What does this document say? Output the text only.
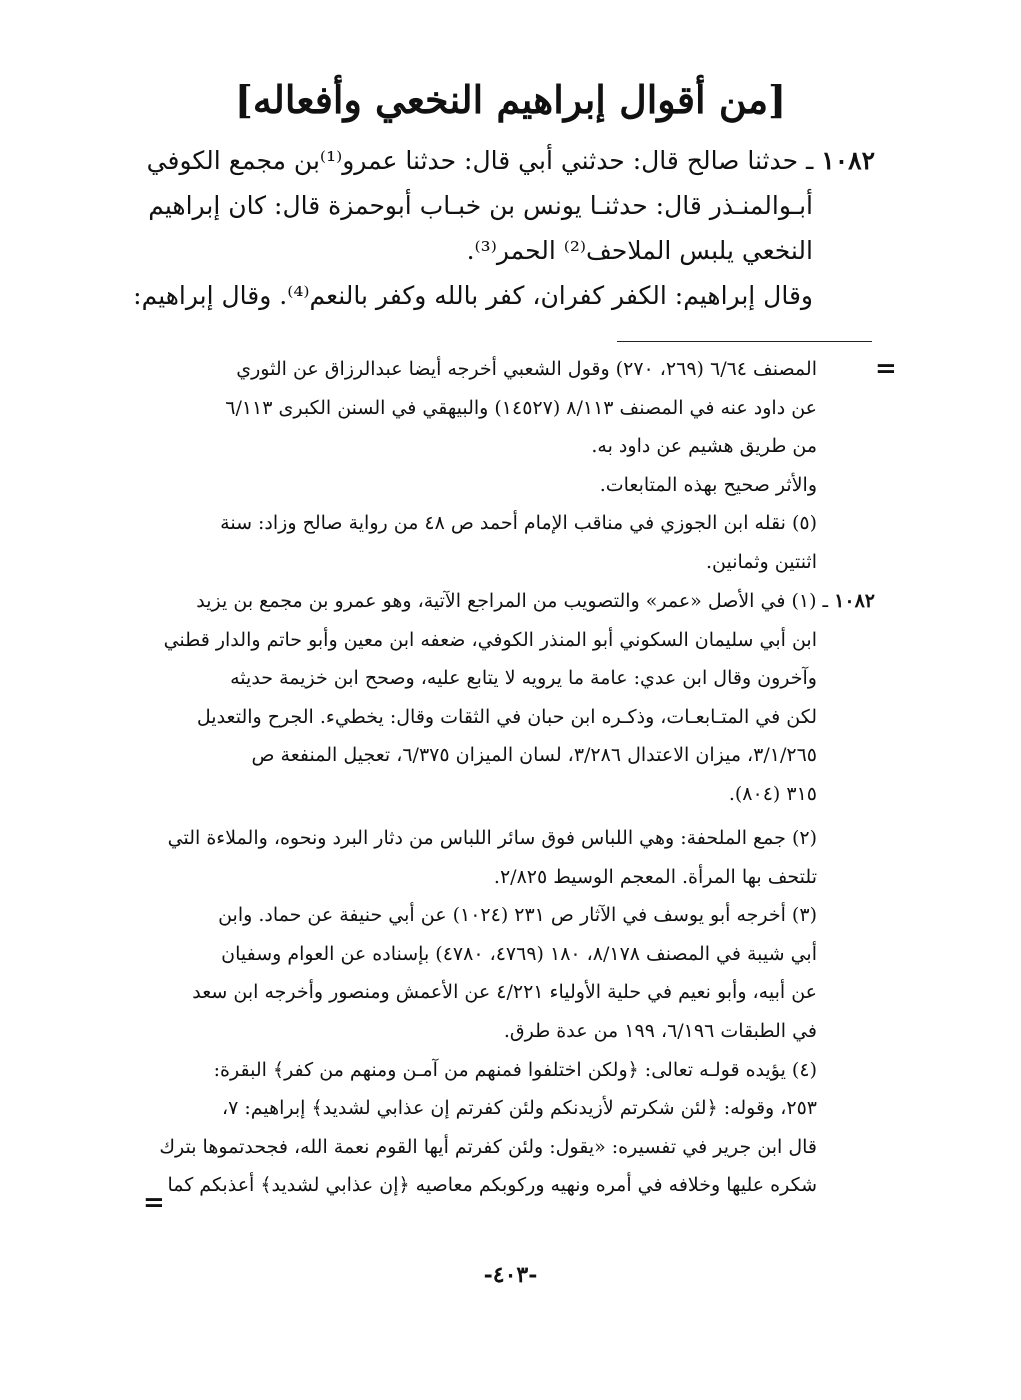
[من أقوال إبراهيم النخعي وأفعاله]
١٠٨٢ ـ حدثنا صالح قال: حدثني أبي قال: حدثنا عمرو⁽¹⁾بن مجمع الكوفي
أبـوالمنـذر قال: حدثنـا يونس بن خبـاب أبوحمزة قال: كان إبراهيم
النخعي يلبس الملاحف⁽²⁾ الحمر⁽³⁾.
وقال إبراهيم: الكفر كفران، كفر بالله وكفر بالنعم⁽⁴⁾. وقال إبراهيم:
=
المصنف ٦/٦٤ (٢٦٩، ٢٧٠) وقول الشعبي أخرجه أيضا عبدالرزاق عن الثوري
عن داود عنه في المصنف ٨/١١٣ (١٤٥٢٧) والبيهقي في السنن الكبرى ٦/١١٣
من طريق هشيم عن داود به.
والأثر صحيح بهذه المتابعات.
(٥) نقله ابن الجوزي في مناقب الإمام أحمد ص ٤٨ من رواية صالح وزاد: سنة
اثنتين وثمانين.
١٠٨٢ ـ (١) في الأصل «عمر» والتصويب من المراجع الآتية، وهو عمرو بن مجمع بن يزيد
ابن أبي سليمان السكوني أبو المنذر الكوفي، ضعفه ابن معين وأبو حاتم والدار قطني
وآخرون وقال ابن عدي: عامة ما يرويه لا يتابع عليه، وصحح ابن خزيمة حديثه
لكن في المتـابعـات، وذكـره ابن حبان في الثقات وقال: يخطيء. الجرح والتعديل
٣/١/٢٦٥، ميزان الاعتدال ٣/٢٨٦، لسان الميزان ٦/٣٧٥، تعجيل المنفعة ص
٣١٥ (٨٠٤).
(٢) جمع الملحفة: وهي اللباس فوق سائر اللباس من دثار البرد ونحوه، والملاءة التي
تلتحف بها المرأة. المعجم الوسيط ٢/٨٢٥.
(٣) أخرجه أبو يوسف في الآثار ص ٢٣١ (١٠٢٤) عن أبي حنيفة عن حماد. وابن
أبي شيبة في المصنف ٨/١٧٨، ١٨٠ (٤٧٦٩، ٤٧٨٠) بإسناده عن العوام وسفيان
عن أبيه، وأبو نعيم في حلية الأولياء ٤/٢٢١ عن الأعمش ومنصور وأخرجه ابن سعد
في الطبقات ٦/١٩٦، ١٩٩ من عدة طرق.
(٤) يؤيده قولـه تعالى: ﴿ولكن اختلفوا فمنهم من آمـن ومنهم من كفر﴾ البقرة:
٢٥٣، وقوله: ﴿لئن شكرتم لأزيدنكم ولئن كفرتم إن عذابي لشديد﴾ إبراهيم: ٧،
قال ابن جرير في تفسيره: «يقول: ولئن كفرتم أيها القوم نعمة الله، فجحدتموها بترك
شكره عليها وخلافه في أمره ونهيه وركوبكم معاصيه ﴿إن عذابي لشديد﴾ أعذبكم كما
=
-٤٠٣-
